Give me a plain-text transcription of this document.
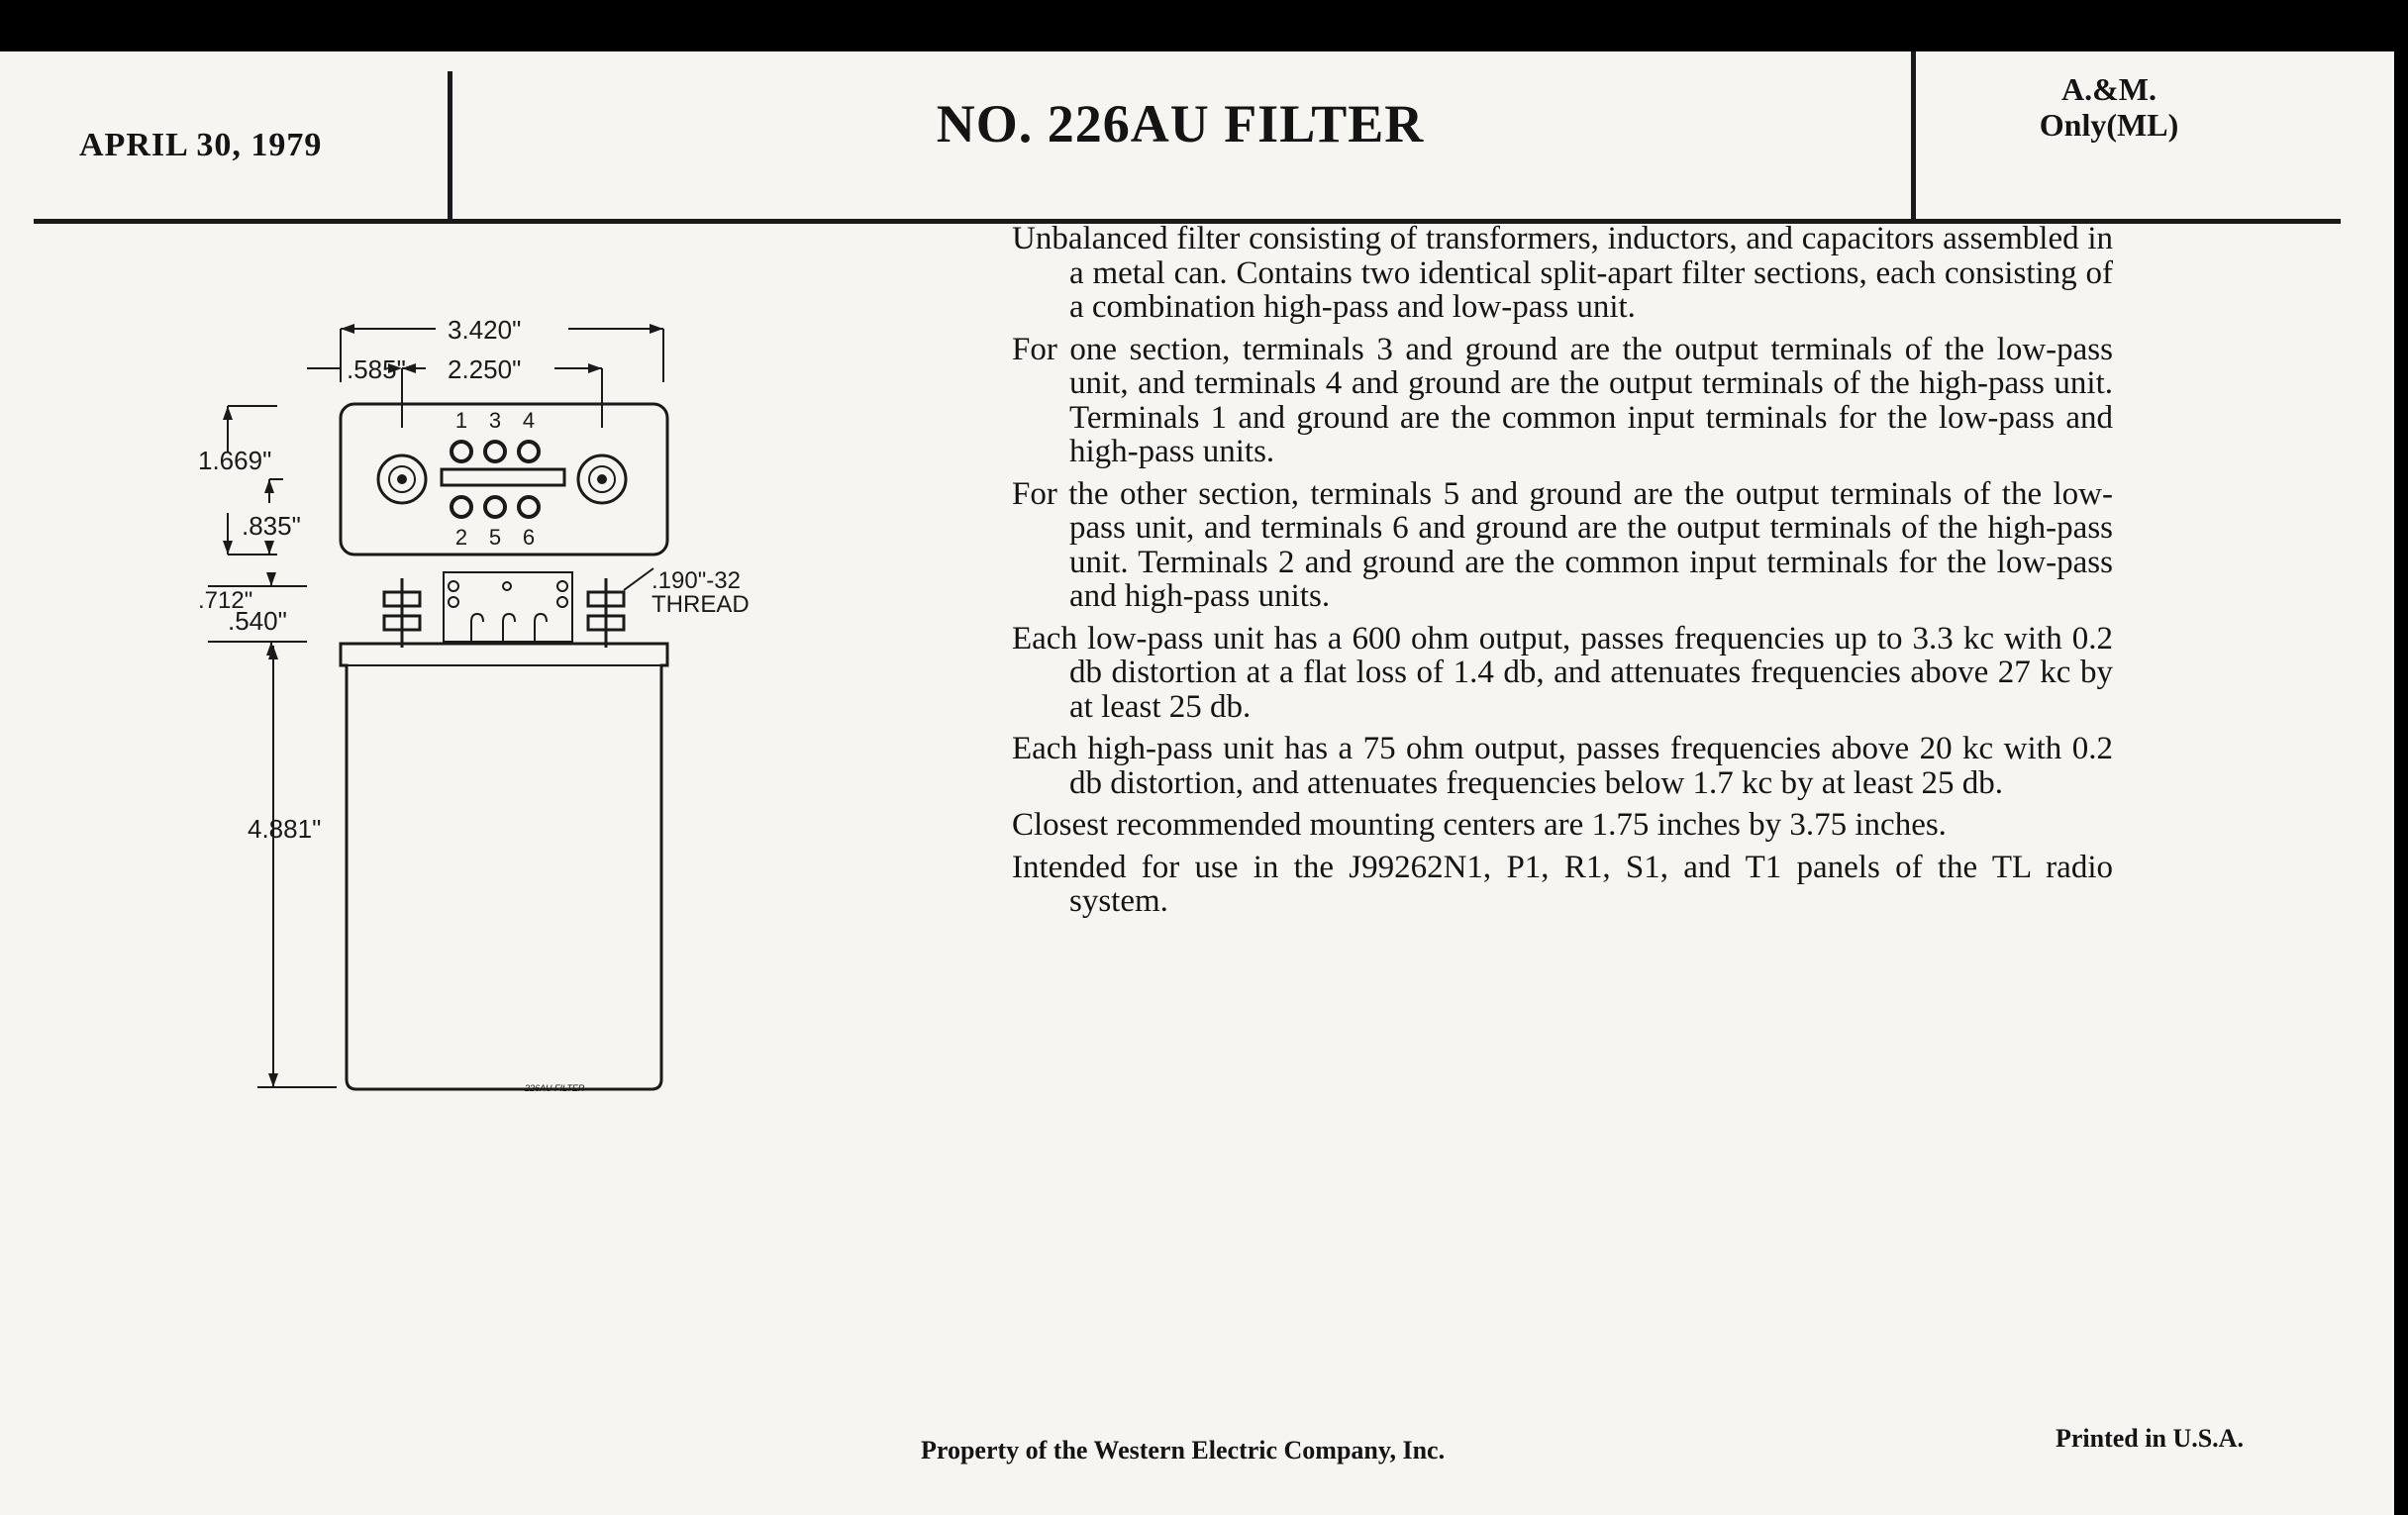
APRIL 30, 1979	NO. 226AU FILTER
A.&M.
Only(ML)
3.420"
.585" 2.250"
1 3 4
2 5 6
1.669"
.835"
.712"
.540"
.190"-32
THREAD
4.881"
226AU FILTER

Unbalanced filter consisting of transformers, inductors, and capacitors assembled in a metal can. Contains two identical split-apart filter sections, each consisting of a combination high-pass and low-pass unit.

For one section, terminals 3 and ground are the output terminals of the low-pass unit, and terminals 4 and ground are the output terminals of the high-pass unit. Terminals 1 and ground are the common input terminals for the low-pass and high-pass units.

For the other section, terminals 5 and ground are the output terminals of the low-pass unit, and terminals 6 and ground are the output terminals of the high-pass unit. Terminals 2 and ground are the common input terminals for the low-pass and high-pass units.

Each low-pass unit has a 600 ohm output, passes frequencies up to 3.3 kc with 0.2 db distortion at a flat loss of 1.4 db, and attenuates frequencies above 27 kc by at least 25 db.

Each high-pass unit has a 75 ohm output, passes frequencies above 20 kc with 0.2 db distortion, and attenuates frequencies below 1.7 kc by at least 25 db.

Closest recommended mounting centers are 1.75 inches by 3.75 inches.

Intended for use in the J99262N1, P1, R1, S1, and T1 panels of the TL radio system.

Property of the Western Electric Company, Inc.	Printed in U.S.A.
